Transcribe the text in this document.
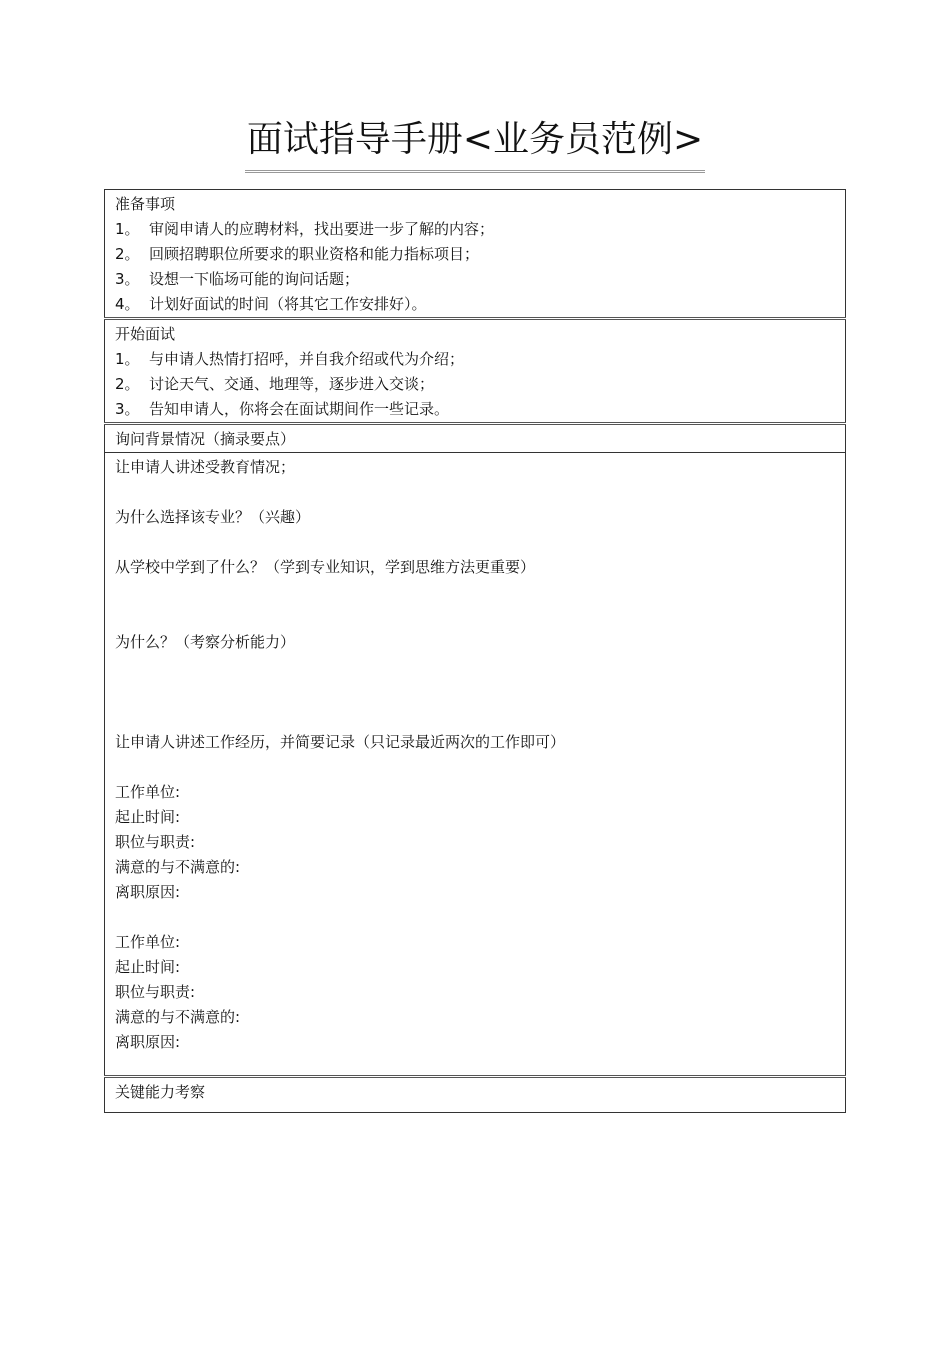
面试指导手册<业务员范例>
准备事项
1。 审阅申请人的应聘材料，找出要进一步了解的内容；
2。 回顾招聘职位所要求的职业资格和能力指标项目；
3。 设想一下临场可能的询问话题；
4。 计划好面试的时间（将其它工作安排好）。

开始面试
1。 与申请人热情打招呼，并自我介绍或代为介绍；
2。 讨论天气、交通、地理等，逐步进入交谈；
3。 告知申请人，你将会在面试期间作一些记录。

询问背景情况（摘录要点）

让申请人讲述受教育情况；
为什么选择该专业？（兴趣）
从学校中学到了什么？（学到专业知识，学到思维方法更重要）
为什么？（考察分析能力）
让申请人讲述工作经历，并简要记录（只记录最近两次的工作即可）
工作单位:
起止时间:
职位与职责:
满意的与不满意的:
离职原因:
工作单位:
起止时间:
职位与职责:
满意的与不满意的:
离职原因:

关键能力考察
